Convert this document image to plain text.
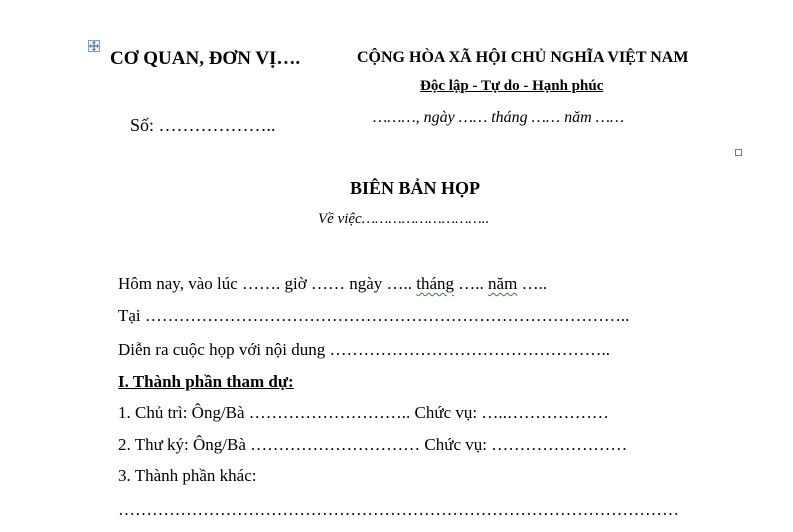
CƠ QUAN, ĐƠN VỊ….
Số: ………………..
CỘNG HÒA XÃ HỘI CHỦ NGHĨA VIỆT NAM
Độc lập - Tự do - Hạnh phúc
………, ngày …… tháng …… năm ……
BIÊN BẢN HỌP
Về việc………………………..
Hôm nay, vào lúc ……. giờ …… ngày ….. tháng ….. năm …..
Tại …………………………………………………………………………..
Diễn ra cuộc họp với nội dung …………………………………………..
I. Thành phần tham dự:
1. Chủ trì: Ông/Bà ……………………….. Chức vụ: …..………………
2. Thư ký: Ông/Bà ………………………… Chức vụ: ……………………
3. Thành phần khác:
………………………………………………………………………………………
